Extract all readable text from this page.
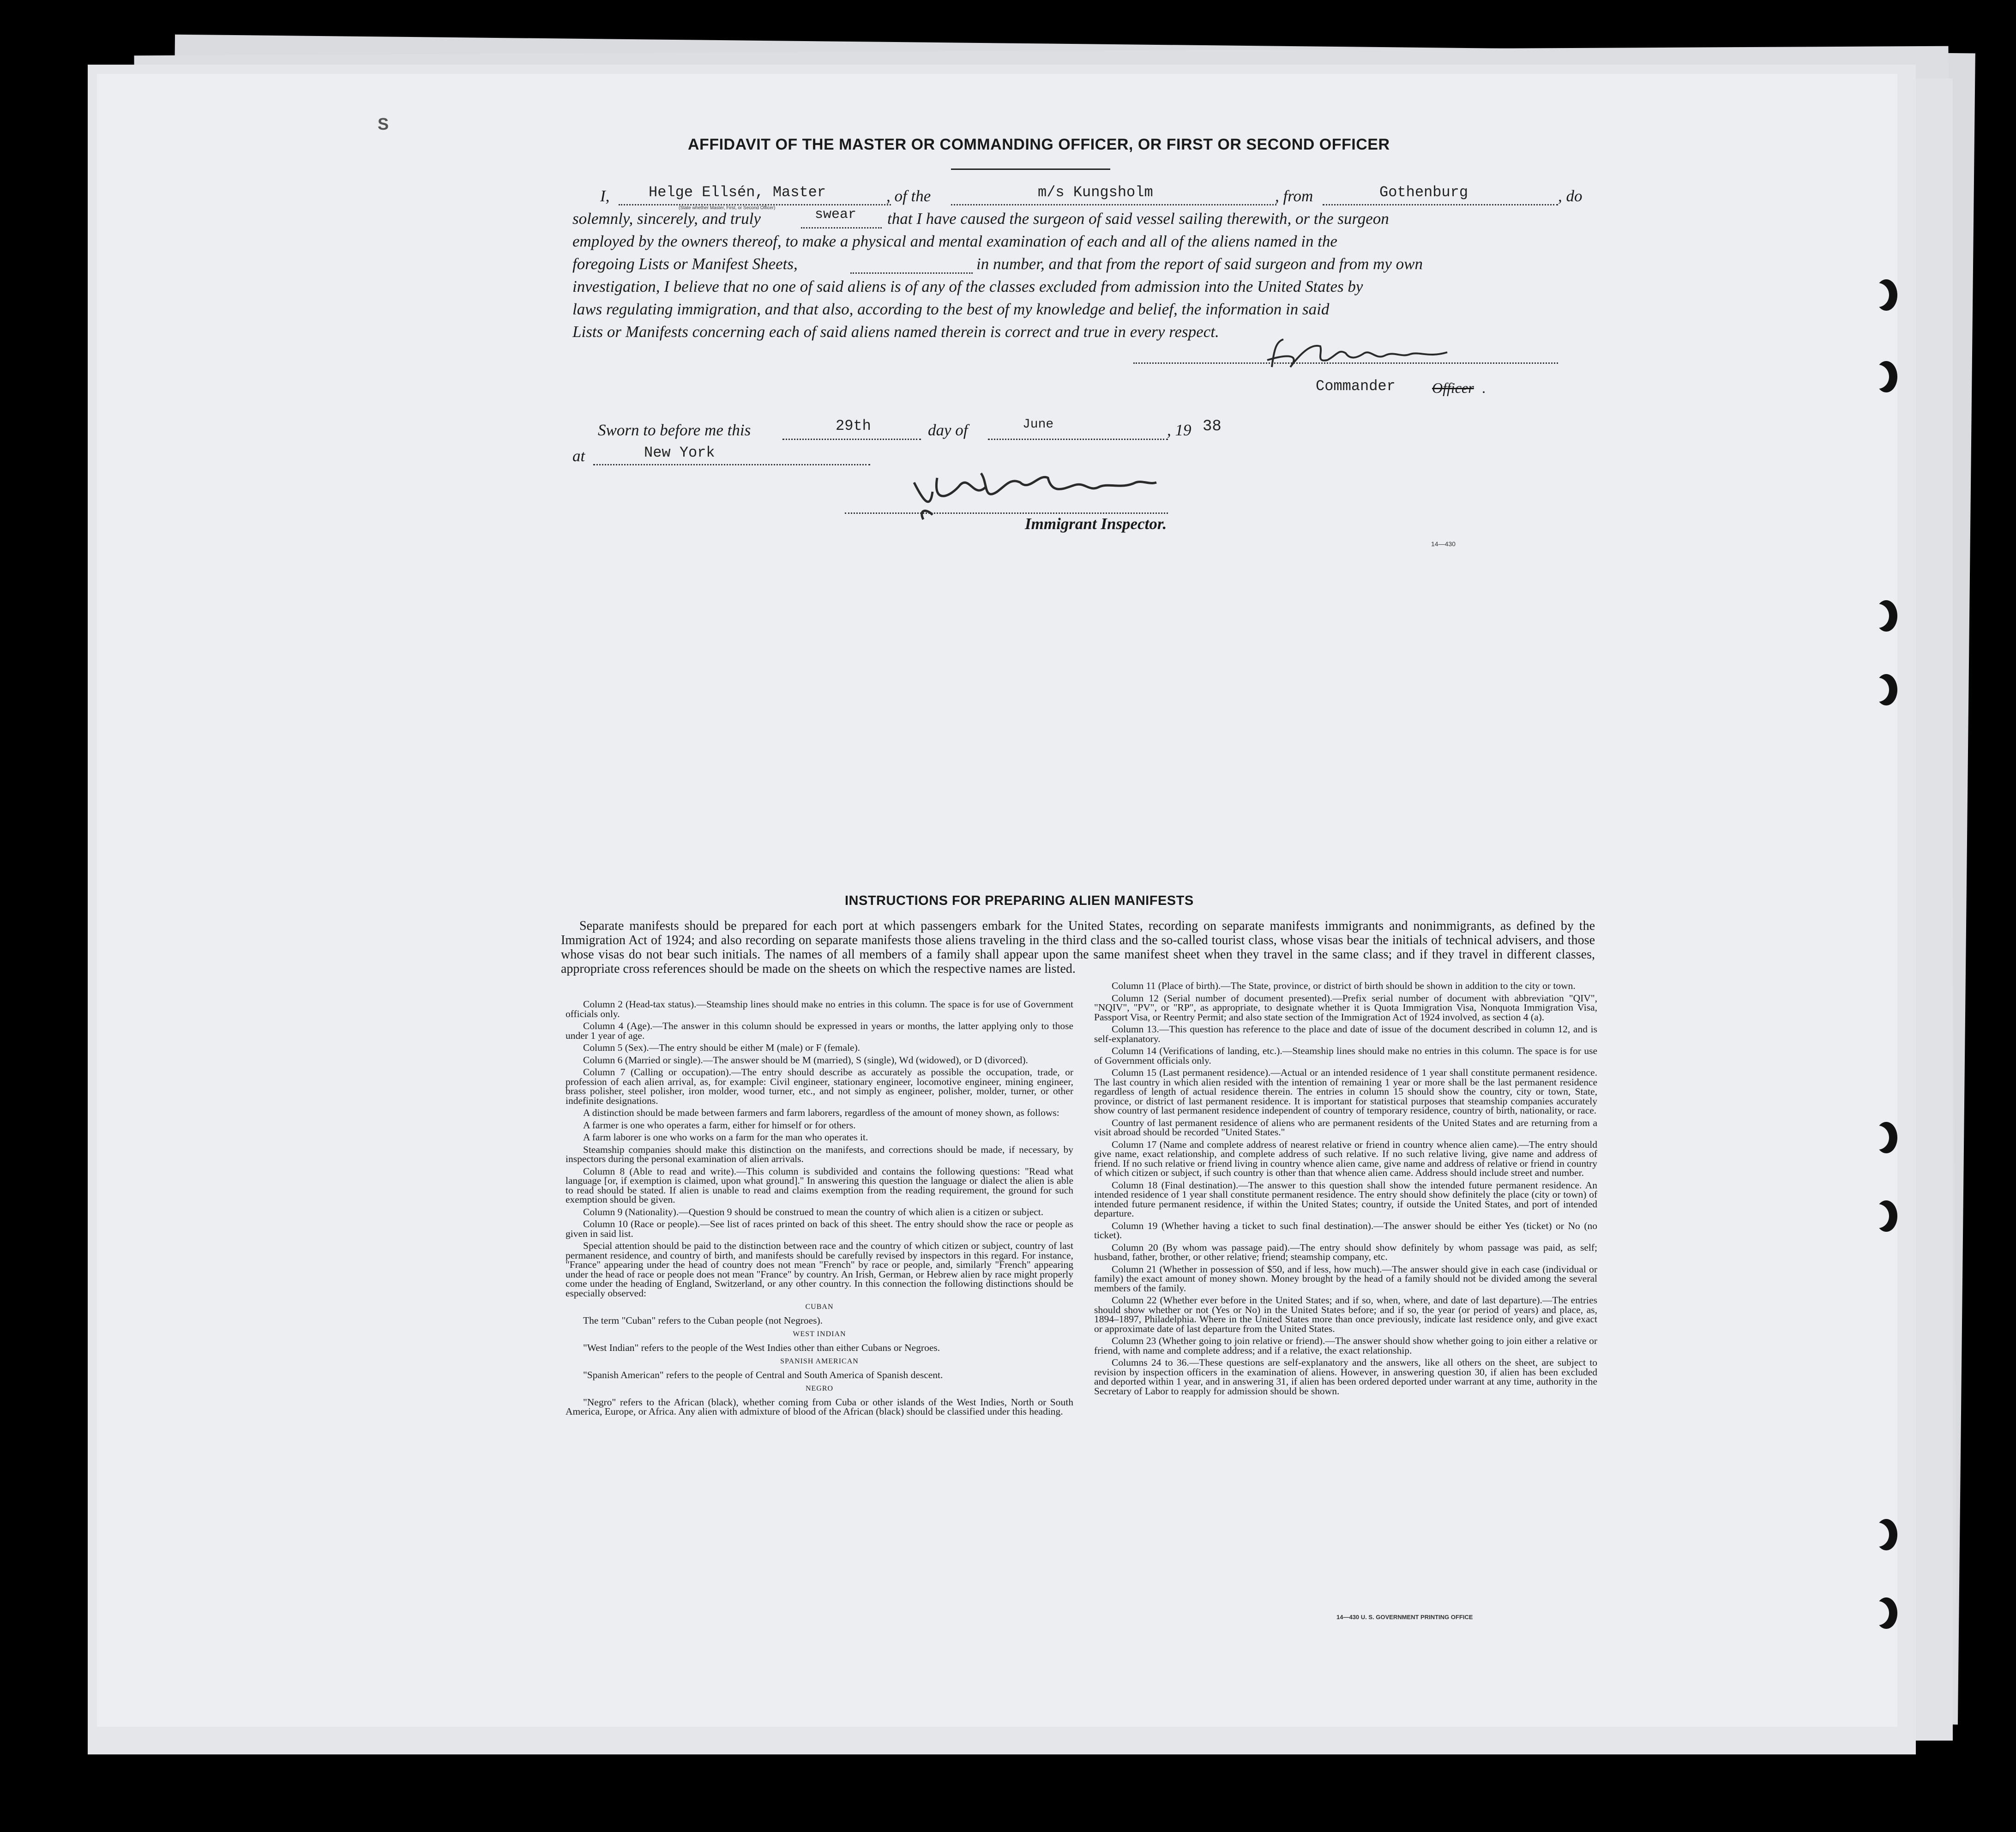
S
AFFIDAVIT OF THE MASTER OR COMMANDING OFFICER, OR FIRST OR SECOND OFFICER
I,	Helge Ellsén, Master
(State whether Master, First, or Second Officer)
, of the	m/s Kungsholm	, from	Gothenburg	, do
solemnly, sincerely, and truly	swear that I have caused the surgeon of said vessel sailing therewith, or the surgeon
employed by the owners thereof, to make a physical and mental examination of each and all of the aliens named in the
foregoing Lists or Manifest Sheets,	in number, and that from the report of said surgeon and from my own
investigation, I believe that no one of said aliens is of any of the classes excluded from admission into the United States by
laws regulating immigration, and that also, according to the best of my knowledge and belief, the information in said
Lists or Manifests concerning each of said aliens named therein is correct and true in every respect.
Commander Officer .
Sworn to before me this	29th	day of	June	, 19 38
at	New York
Immigrant Inspector.
14—430
INSTRUCTIONS FOR PREPARING ALIEN MANIFESTS
Separate manifests should be prepared for each port at which passengers embark for the United States, recording on separate manifests immigrants and nonimmigrants, as defined by the Immigration Act of 1924; and also recording on separate manifests those aliens traveling in the third class and the so-called tourist class, whose visas bear the initials of technical advisers, and those whose visas do not bear such initials. The names of all members of a family shall appear upon the same manifest sheet when they travel in the same class; and if they travel in different classes, appropriate cross references should be made on the sheets on which the respective names are listed.

Column 2 (Head-tax status).—Steamship lines should make no entries in this column. The space is for use of Government officials only.

Column 4 (Age).—The answer in this column should be expressed in years or months, the latter applying only to those under 1 year of age.

Column 5 (Sex).—The entry should be either M (male) or F (female).

Column 6 (Married or single).—The answer should be M (married), S (single), Wd (widowed), or D (divorced).

Column 7 (Calling or occupation).—The entry should describe as accurately as possible the occupation, trade, or profession of each alien arrival, as, for example: Civil engineer, stationary engineer, locomotive engineer, mining engineer, brass polisher, steel polisher, iron molder, wood turner, etc., and not simply as engineer, polisher, molder, turner, or other indefinite designations.

A distinction should be made between farmers and farm laborers, regardless of the amount of money shown, as follows:

A farmer is one who operates a farm, either for himself or for others.

A farm laborer is one who works on a farm for the man who operates it.

Steamship companies should make this distinction on the manifests, and corrections should be made, if necessary, by inspectors during the personal examination of alien arrivals.

Column 8 (Able to read and write).—This column is subdivided and contains the following questions: "Read what language [or, if exemption is claimed, upon what ground]." In answering this question the language or dialect the alien is able to read should be stated. If alien is unable to read and claims exemption from the reading requirement, the ground for such exemption should be given.

Column 9 (Nationality).—Question 9 should be construed to mean the country of which alien is a citizen or subject.

Column 10 (Race or people).—See list of races printed on back of this sheet. The entry should show the race or people as given in said list.

Special attention should be paid to the distinction between race and the country of which citizen or subject, country of last permanent residence, and country of birth, and manifests should be carefully revised by inspectors in this regard. For instance, "France" appearing under the head of country does not mean "French" by race or people, and, similarly "French" appearing under the head of race or people does not mean "France" by country. An Irish, German, or Hebrew alien by race might properly come under the heading of England, Switzerland, or any other country. In this connection the following distinctions should be especially observed:

CUBAN

The term "Cuban" refers to the Cuban people (not Negroes).

WEST INDIAN

"West Indian" refers to the people of the West Indies other than either Cubans or Negroes.

SPANISH AMERICAN

"Spanish American" refers to the people of Central and South America of Spanish descent.

NEGRO

"Negro" refers to the African (black), whether coming from Cuba or other islands of the West Indies, North or South America, Europe, or Africa. Any alien with admixture of blood of the African (black) should be classified under this heading.

Column 11 (Place of birth).—The State, province, or district of birth should be shown in addition to the city or town.

Column 12 (Serial number of document presented).—Prefix serial number of document with abbreviation "QIV", "NQIV", "PV", or "RP", as appropriate, to designate whether it is Quota Immigration Visa, Nonquota Immigration Visa, Passport Visa, or Reentry Permit; and also state section of the Immigration Act of 1924 involved, as section 4 (a).

Column 13.—This question has reference to the place and date of issue of the document described in column 12, and is self-explanatory.

Column 14 (Verifications of landing, etc.).—Steamship lines should make no entries in this column. The space is for use of Government officials only.

Column 15 (Last permanent residence).—Actual or an intended residence of 1 year shall constitute permanent residence. The last country in which alien resided with the intention of remaining 1 year or more shall be the last permanent residence regardless of length of actual residence therein. The entries in column 15 should show the country, city or town, State, province, or district of last permanent residence. It is important for statistical purposes that steamship companies accurately show country of last permanent residence independent of country of temporary residence, country of birth, nationality, or race.

Country of last permanent residence of aliens who are permanent residents of the United States and are returning from a visit abroad should be recorded "United States."

Column 17 (Name and complete address of nearest relative or friend in country whence alien came).—The entry should give name, exact relationship, and complete address of such relative. If no such relative living, give name and address of friend. If no such relative or friend living in country whence alien came, give name and address of relative or friend in country of which citizen or subject, if such country is other than that whence alien came. Address should include street and number.

Column 18 (Final destination).—The answer to this question shall show the intended future permanent residence. An intended residence of 1 year shall constitute permanent residence. The entry should show definitely the place (city or town) of intended future permanent residence, if within the United States; country, if outside the United States, and port of intended departure.

Column 19 (Whether having a ticket to such final destination).—The answer should be either Yes (ticket) or No (no ticket).

Column 20 (By whom was passage paid).—The entry should show definitely by whom passage was paid, as self; husband, father, brother, or other relative; friend; steamship company, etc.

Column 21 (Whether in possession of $50, and if less, how much).—The answer should give in each case (individual or family) the exact amount of money shown. Money brought by the head of a family should not be divided among the several members of the family.

Column 22 (Whether ever before in the United States; and if so, when, where, and date of last departure).—The entries should show whether or not (Yes or No) in the United States before; and if so, the year (or period of years) and place, as, 1894–1897, Philadelphia. Where in the United States more than once previously, indicate last residence only, and give exact or approximate date of last departure from the United States.

Column 23 (Whether going to join relative or friend).—The answer should show whether going to join either a relative or friend, with name and complete address; and if a relative, the exact relationship.

Columns 24 to 36.—These questions are self-explanatory and the answers, like all others on the sheet, are subject to revision by inspection officers in the examination of aliens. However, in answering question 30, if alien has been excluded and deported within 1 year, and in answering 31, if alien has been ordered deported under warrant at any time, authority in the Secretary of Labor to reapply for admission should be shown.

14—430 U. S. GOVERNMENT PRINTING OFFICE
